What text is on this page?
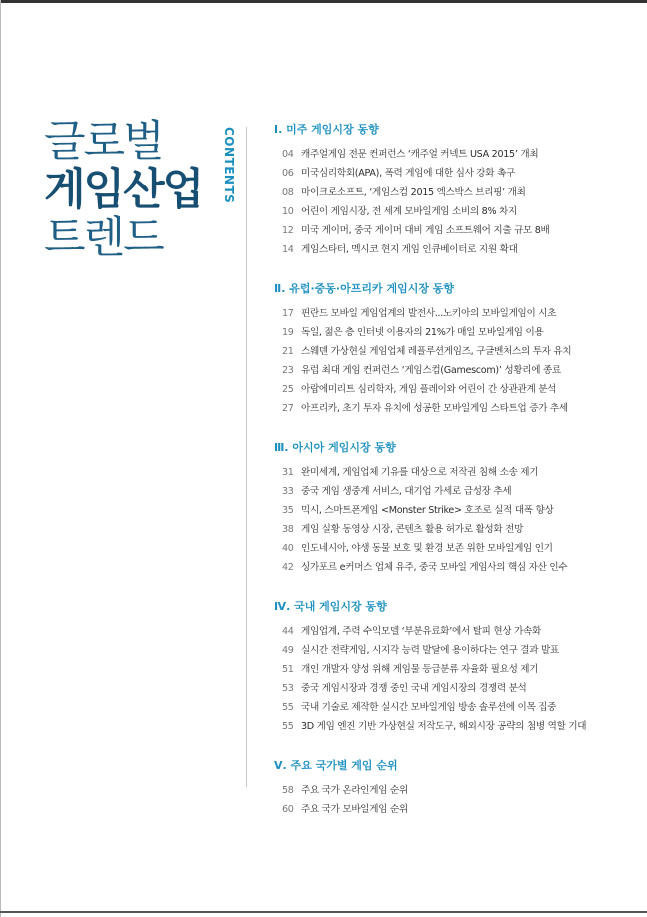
글로벌
게임산업
트렌드
CONTENTS	Ⅰ. 미주 게임시장 동향
04 캐주얼게임 전문 컨퍼런스 ‘캐주얼 커넥트 USA 2015’ 개최
06 미국심리학회(APA), 폭력 게임에 대한 심사 강화 촉구
08 마이크로소프트, ‘게임스컴 2015 엑스박스 브리핑’ 개최
10 어린이 게임시장, 전 세계 모바일게임 소비의 8% 차지
12 미국 게이머, 중국 게이머 대비 게임 소프트웨어 지출 규모 8배
14 게임스타터, 멕시코 현지 게임 인큐베이터로 지원 확대
Ⅱ. 유럽·중동·아프리카 게임시장 동향
17 핀란드 모바일 게임업계의 발전사...노키아의 모바일게임이 시초
19 독일, 젊은 층 인터넷 이용자의 21%가 매일 모바일게임 이용
21 스웨덴 가상현실 게임업체 레플루션게임즈, 구글벤처스의 투자 유치
23 유럽 최대 게임 컨퍼런스 ‘게임스컴(Gamescom)’ 성황리에 종료
25 아랍에미리트 심리학자, 게임 플레이와 어린이 간 상관관계 분석
27 아프리카, 초기 투자 유치에 성공한 모바일게임 스타트업 증가 추세
Ⅲ. 아시아 게임시장 동향
31 완미세계, 게임업체 기유를 대상으로 저작권 침해 소송 제기
33 중국 게임 생중계 서비스, 대기업 가세로 급성장 추세
35 믹시, 스마트폰게임 <Monster Strike> 호조로 실적 대폭 향상
38 게임 실황 동영상 시장, 콘텐츠 활용 허가로 활성화 전망
40 인도네시아, 야생 동물 보호 및 환경 보존 위한 모바일게임 인기
42 싱가포르 e커머스 업체 유주, 중국 모바일 게임사의 핵심 자산 인수
Ⅳ. 국내 게임시장 동향
44 게임업계, 주력 수익모델 ‘부분유료화’에서 탈피 현상 가속화
49 실시간 전략게임, 시지각 능력 발달에 용이하다는 연구 결과 발표
51 개인 개발자 양성 위해 게임물 등급분류 자율화 필요성 제기
53 중국 게임시장과 경쟁 중인 국내 게임시장의 경쟁력 분석
55 국내 기술로 제작한 실시간 모바일게임 방송 솔루션에 이목 집중
55 3D 게임 엔진 기반 가상현실 저작도구, 해외시장 공략의 첨병 역할 기대
Ⅴ. 주요 국가별 게임 순위
58 주요 국가 온라인게임 순위
60 주요 국가 모바일게임 순위
